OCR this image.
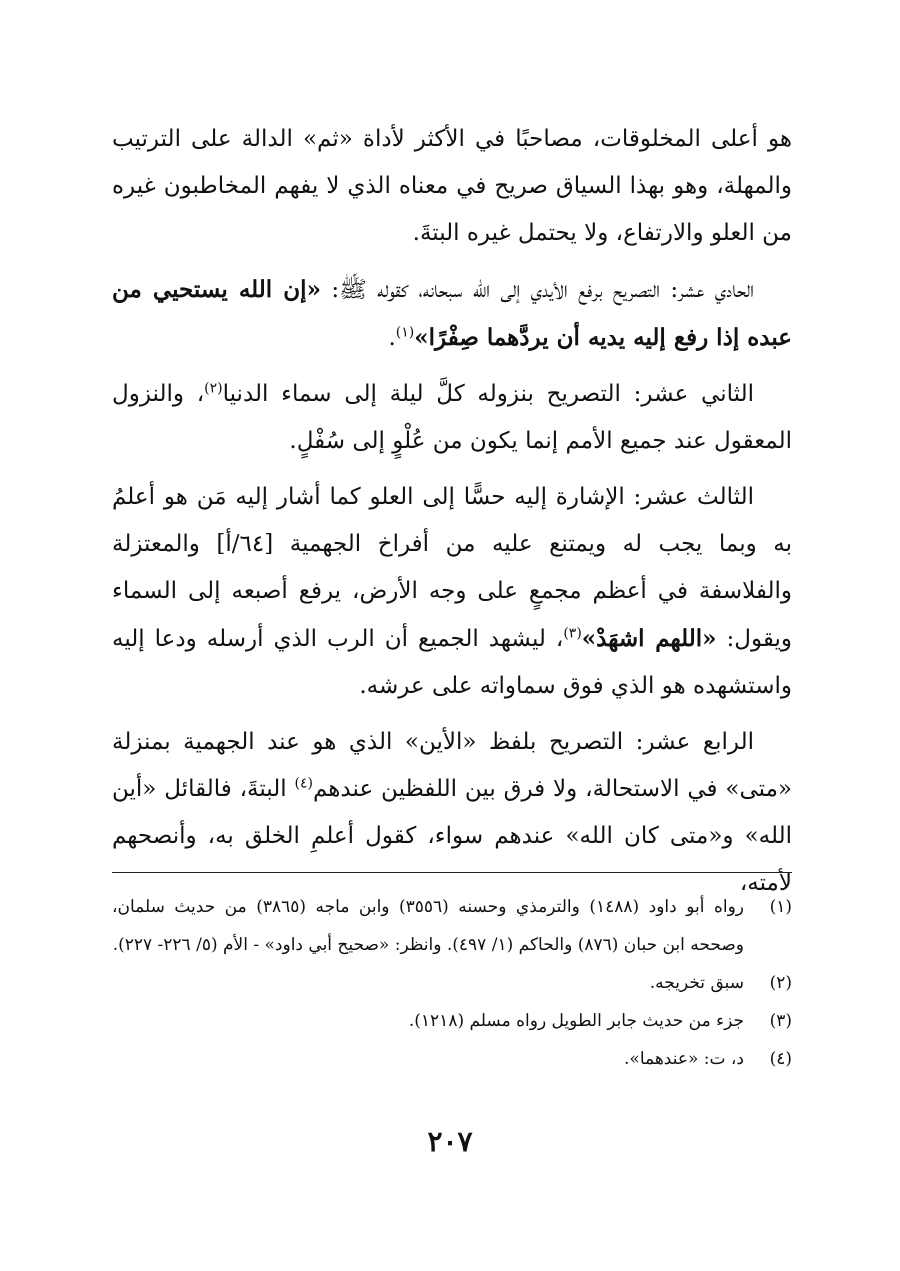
هو أعلى المخلوقات، مصاحبًا في الأكثر لأداة «ثم» الدالة على الترتيب والمهلة، وهو بهذا السياق صريح في معناه الذي لا يفهم المخاطبون غيره من العلو والارتفاع، ولا يحتمل غيره البتةَ.

الحادي عشر: التصريح برفع الأيدي إلى الله سبحانه، كقوله ﷺ: «إن الله يستحيي من عبده إذا رفع إليه يديه أن يردَّهما صِفْرًا»$^{(١)}$.

الثاني عشر: التصريح بنزوله كلَّ ليلة إلى سماء الدنيا$^{(٢)}$، والنزول المعقول عند جميع الأمم إنما يكون من عُلْوٍ إلى سُفْلٍ.

الثالث عشر: الإشارة إليه حسًّا إلى العلو كما أشار إليه مَن هو أعلمُ به وبما يجب له ويمتنع عليه من أفراخ الجهمية [٦٤/أ] والمعتزلة والفلاسفة في أعظم مجمعٍ على وجه الأرض، يرفع أصبعه إلى السماء ويقول: «اللهم اشهَدْ»$^{(٣)}$، ليشهد الجميع أن الرب الذي أرسله ودعا إليه واستشهده هو الذي فوق سماواته على عرشه.

الرابع عشر: التصريح بلفظ «الأين» الذي هو عند الجهمية بمنزلة «متى» في الاستحالة، ولا فرق بين اللفظين عندهم$^{(٤)}$ البتةَ، فالقائل «أين الله» و«متى كان الله» عندهم سواء، كقول أعلمِ الخلق به، وأنصحهم لأمته،

(١)
رواه أبو داود (١٤٨٨) والترمذي وحسنه (٣٥٥٦) وابن ماجه (٣٨٦٥) من حديث سلمان، وصححه ابن حبان (٨٧٦) والحاكم (١/ ٤٩٧). وانظر: «صحيح أبي داود» - الأم (٥/ ٢٢٦- ٢٢٧).
(٢)
سبق تخريجه.
(٣)
جزء من حديث جابر الطويل رواه مسلم (١٢١٨).
(٤)
د، ت: «عندهما».
٢٠٧
